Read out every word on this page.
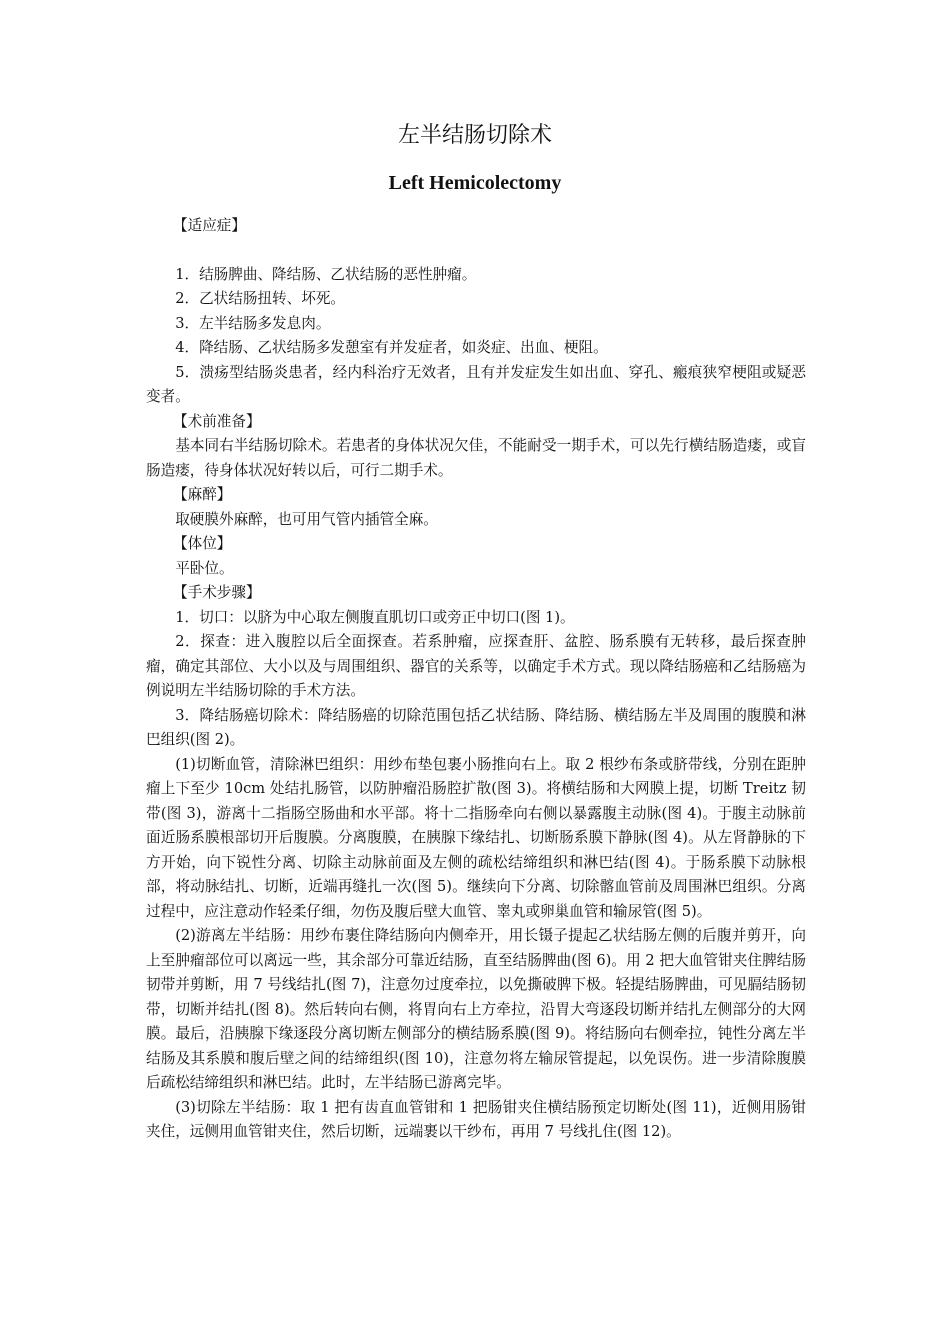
左半结肠切除术
Left Hemicolectomy

【适应症】

1．结肠脾曲、降结肠、乙状结肠的恶性肿瘤。

2．乙状结肠扭转、坏死。

3．左半结肠多发息肉。

4．降结肠、乙状结肠多发憩室有并发症者，如炎症、出血、梗阻。

5．溃疡型结肠炎患者，经内科治疗无效者，且有并发症发生如出血、穿孔、瘢痕狭窄梗阻或疑恶变者。

【术前准备】

基本同右半结肠切除术。若患者的身体状况欠佳，不能耐受一期手术，可以先行横结肠造瘘，或盲肠造瘘，待身体状况好转以后，可行二期手术。

【麻醉】

取硬膜外麻醉，也可用气管内插管全麻。

【体位】

平卧位。

【手术步骤】

1．切口：以脐为中心取左侧腹直肌切口或旁正中切口(图 1)。

2．探查：进入腹腔以后全面探查。若系肿瘤，应探查肝、盆腔、肠系膜有无转移，最后探查肿瘤，确定其部位、大小以及与周围组织、器官的关系等，以确定手术方式。现以降结肠癌和乙结肠癌为例说明左半结肠切除的手术方法。

3．降结肠癌切除术：降结肠癌的切除范围包括乙状结肠、降结肠、横结肠左半及周围的腹膜和淋巴组织(图 2)。

(1)切断血管，清除淋巴组织：用纱布垫包裹小肠推向右上。取 2 根纱布条或脐带线，分别在距肿瘤上下至少 10cm 处结扎肠管，以防肿瘤沿肠腔扩散(图 3)。将横结肠和大网膜上提，切断 Treitz 韧带(图 3)，游离十二指肠空肠曲和水平部。将十二指肠牵向右侧以暴露腹主动脉(图 4)。于腹主动脉前面近肠系膜根部切开后腹膜。分离腹膜，在胰腺下缘结扎、切断肠系膜下静脉(图 4)。从左肾静脉的下方开始，向下锐性分离、切除主动脉前面及左侧的疏松结缔组织和淋巴结(图 4)。于肠系膜下动脉根部，将动脉结扎、切断，近端再缝扎一次(图 5)。继续向下分离、切除髂血管前及周围淋巴组织。分离过程中，应注意动作轻柔仔细，勿伤及腹后壁大血管、睾丸或卵巢血管和输尿管(图 5)。

(2)游离左半结肠：用纱布裹住降结肠向内侧牵开，用长镊子提起乙状结肠左侧的后腹并剪开，向上至肿瘤部位可以离远一些，其余部分可靠近结肠，直至结肠脾曲(图 6)。用 2 把大血管钳夹住脾结肠韧带并剪断，用 7 号线结扎(图 7)，注意勿过度牵拉，以免撕破脾下极。轻提结肠脾曲，可见膈结肠韧带，切断并结扎(图 8)。然后转向右侧，将胃向右上方牵拉，沿胃大弯逐段切断并结扎左侧部分的大网膜。最后，沿胰腺下缘逐段分离切断左侧部分的横结肠系膜(图 9)。将结肠向右侧牵拉，钝性分离左半结肠及其系膜和腹后壁之间的结缔组织(图 10)，注意勿将左输尿管提起，以免误伤。进一步清除腹膜后疏松结缔组织和淋巴结。此时，左半结肠已游离完毕。

(3)切除左半结肠：取 1 把有齿直血管钳和 1 把肠钳夹住横结肠预定切断处(图 11)，近侧用肠钳夹住，远侧用血管钳夹住，然后切断，远端裹以干纱布，再用 7 号线扎住(图 12)。
